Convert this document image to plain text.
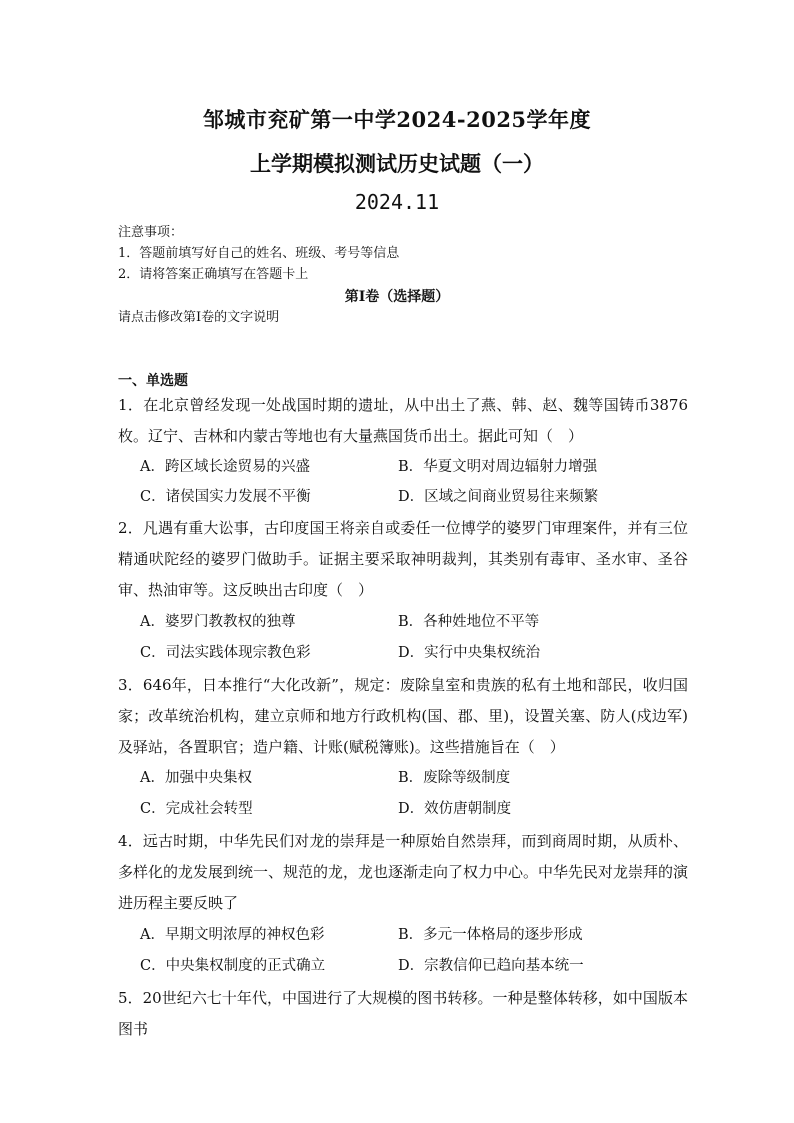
邹城市兖矿第一中学2024-2025学年度
上学期模拟测试历史试题（一）
2024.11
注意事项：
1．答题前填写好自己的姓名、班级、考号等信息
2．请将答案正确填写在答题卡上
第I卷（选择题）
请点击修改第I卷的文字说明
一、单选题
1．在北京曾经发现一处战国时期的遗址，从中出土了燕、韩、赵、魏等国铸币3876枚。辽宁、吉林和内蒙古等地也有大量燕国货币出土。据此可知（　）
A．跨区域长途贸易的兴盛	B．华夏文明对周边辐射力增强
C．诸侯国实力发展不平衡	D．区域之间商业贸易往来频繁
2．凡遇有重大讼事，古印度国王将亲自或委任一位博学的婆罗门审理案件，并有三位精通吠陀经的婆罗门做助手。证据主要采取神明裁判，其类别有毒审、圣水审、圣谷审、热油审等。这反映出古印度（　）
A．婆罗门教教权的独尊	B．各种姓地位不平等
C．司法实践体现宗教色彩	D．实行中央集权统治
3．646年，日本推行“大化改新”，规定：废除皇室和贵族的私有土地和部民，收归国家；改革统治机构，建立京师和地方行政机构(国、郡、里)，设置关塞、防人(戍边军)及驿站，各置职官；造户籍、计账(赋税簿账)。这些措施旨在（　）
A．加强中央集权	B．废除等级制度
C．完成社会转型	D．效仿唐朝制度
4．远古时期，中华先民们对龙的崇拜是一种原始自然崇拜，而到商周时期，从质朴、多样化的龙发展到统一、规范的龙，龙也逐渐走向了权力中心。中华先民对龙崇拜的演进历程主要反映了
A．早期文明浓厚的神权色彩	B．多元一体格局的逐步形成
C．中央集权制度的正式确立	D．宗教信仰已趋向基本统一
5．20世纪六七十年代，中国进行了大规模的图书转移。一种是整体转移，如中国版本图书
